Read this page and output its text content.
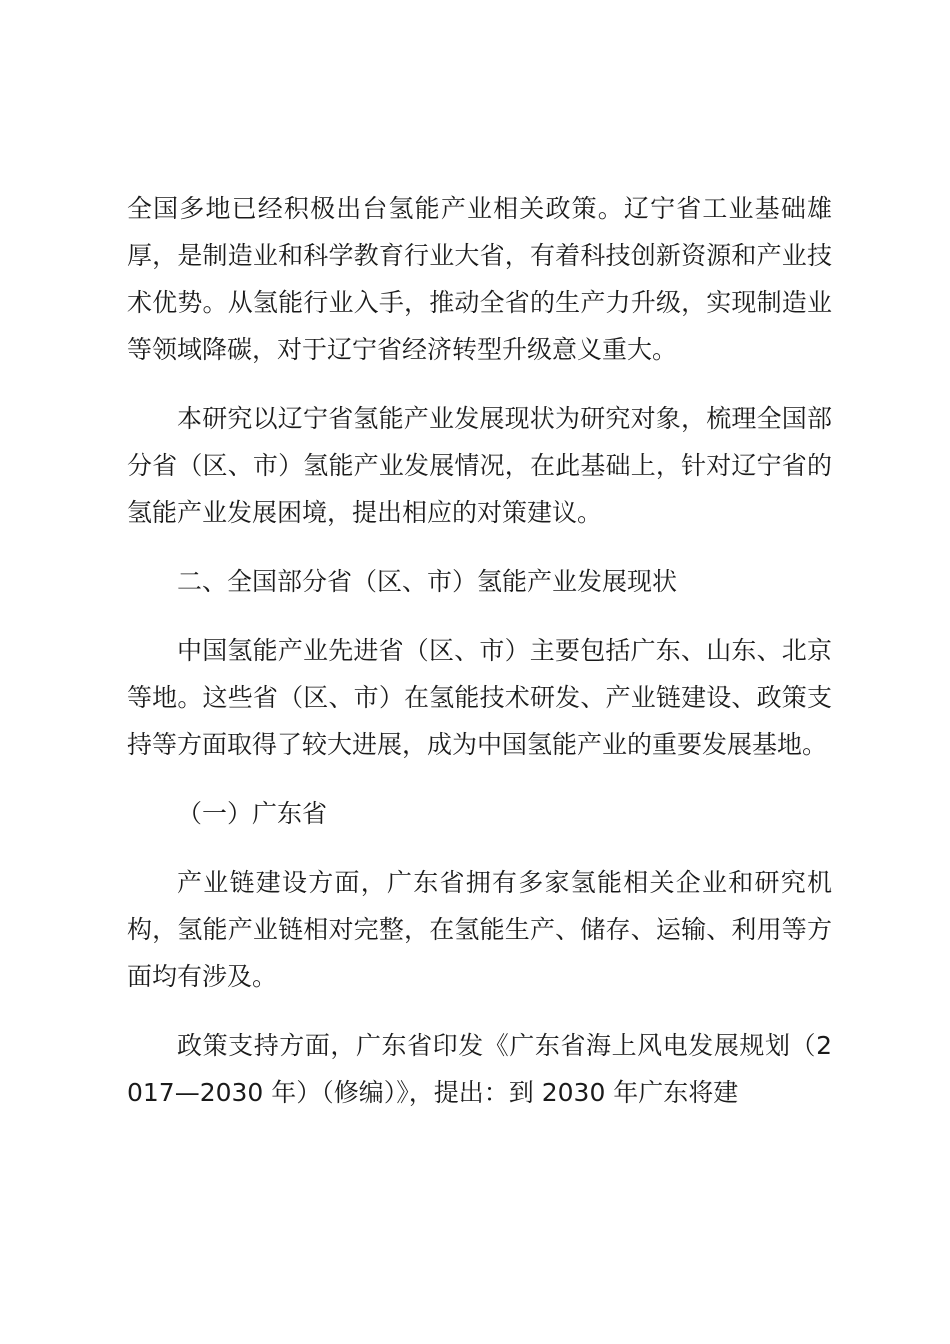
全国多地已经积极出台氢能产业相关政策。辽宁省工业基础雄厚，是制造业和科学教育行业大省，有着科技创新资源和产业技术优势。从氢能行业入手，推动全省的生产力升级，实现制造业等领域降碳，对于辽宁省经济转型升级意义重大。

本研究以辽宁省氢能产业发展现状为研究对象，梳理全国部分省（区、市）氢能产业发展情况，在此基础上，针对辽宁省的氢能产业发展困境，提出相应的对策建议。

二、全国部分省（区、市）氢能产业发展现状

中国氢能产业先进省（区、市）主要包括广东、山东、北京等地。这些省（区、市）在氢能技术研发、产业链建设、政策支持等方面取得了较大进展，成为中国氢能产业的重要发展基地。

（一）广东省

产业链建设方面，广东省拥有多家氢能相关企业和研究机构，氢能产业链相对完整，在氢能生产、储存、运输、利用等方面均有涉及。

政策支持方面，广东省印发《广东省海上风电发展规划（2017—2030 年）（修编）》，提出：到 2030 年广东将建
